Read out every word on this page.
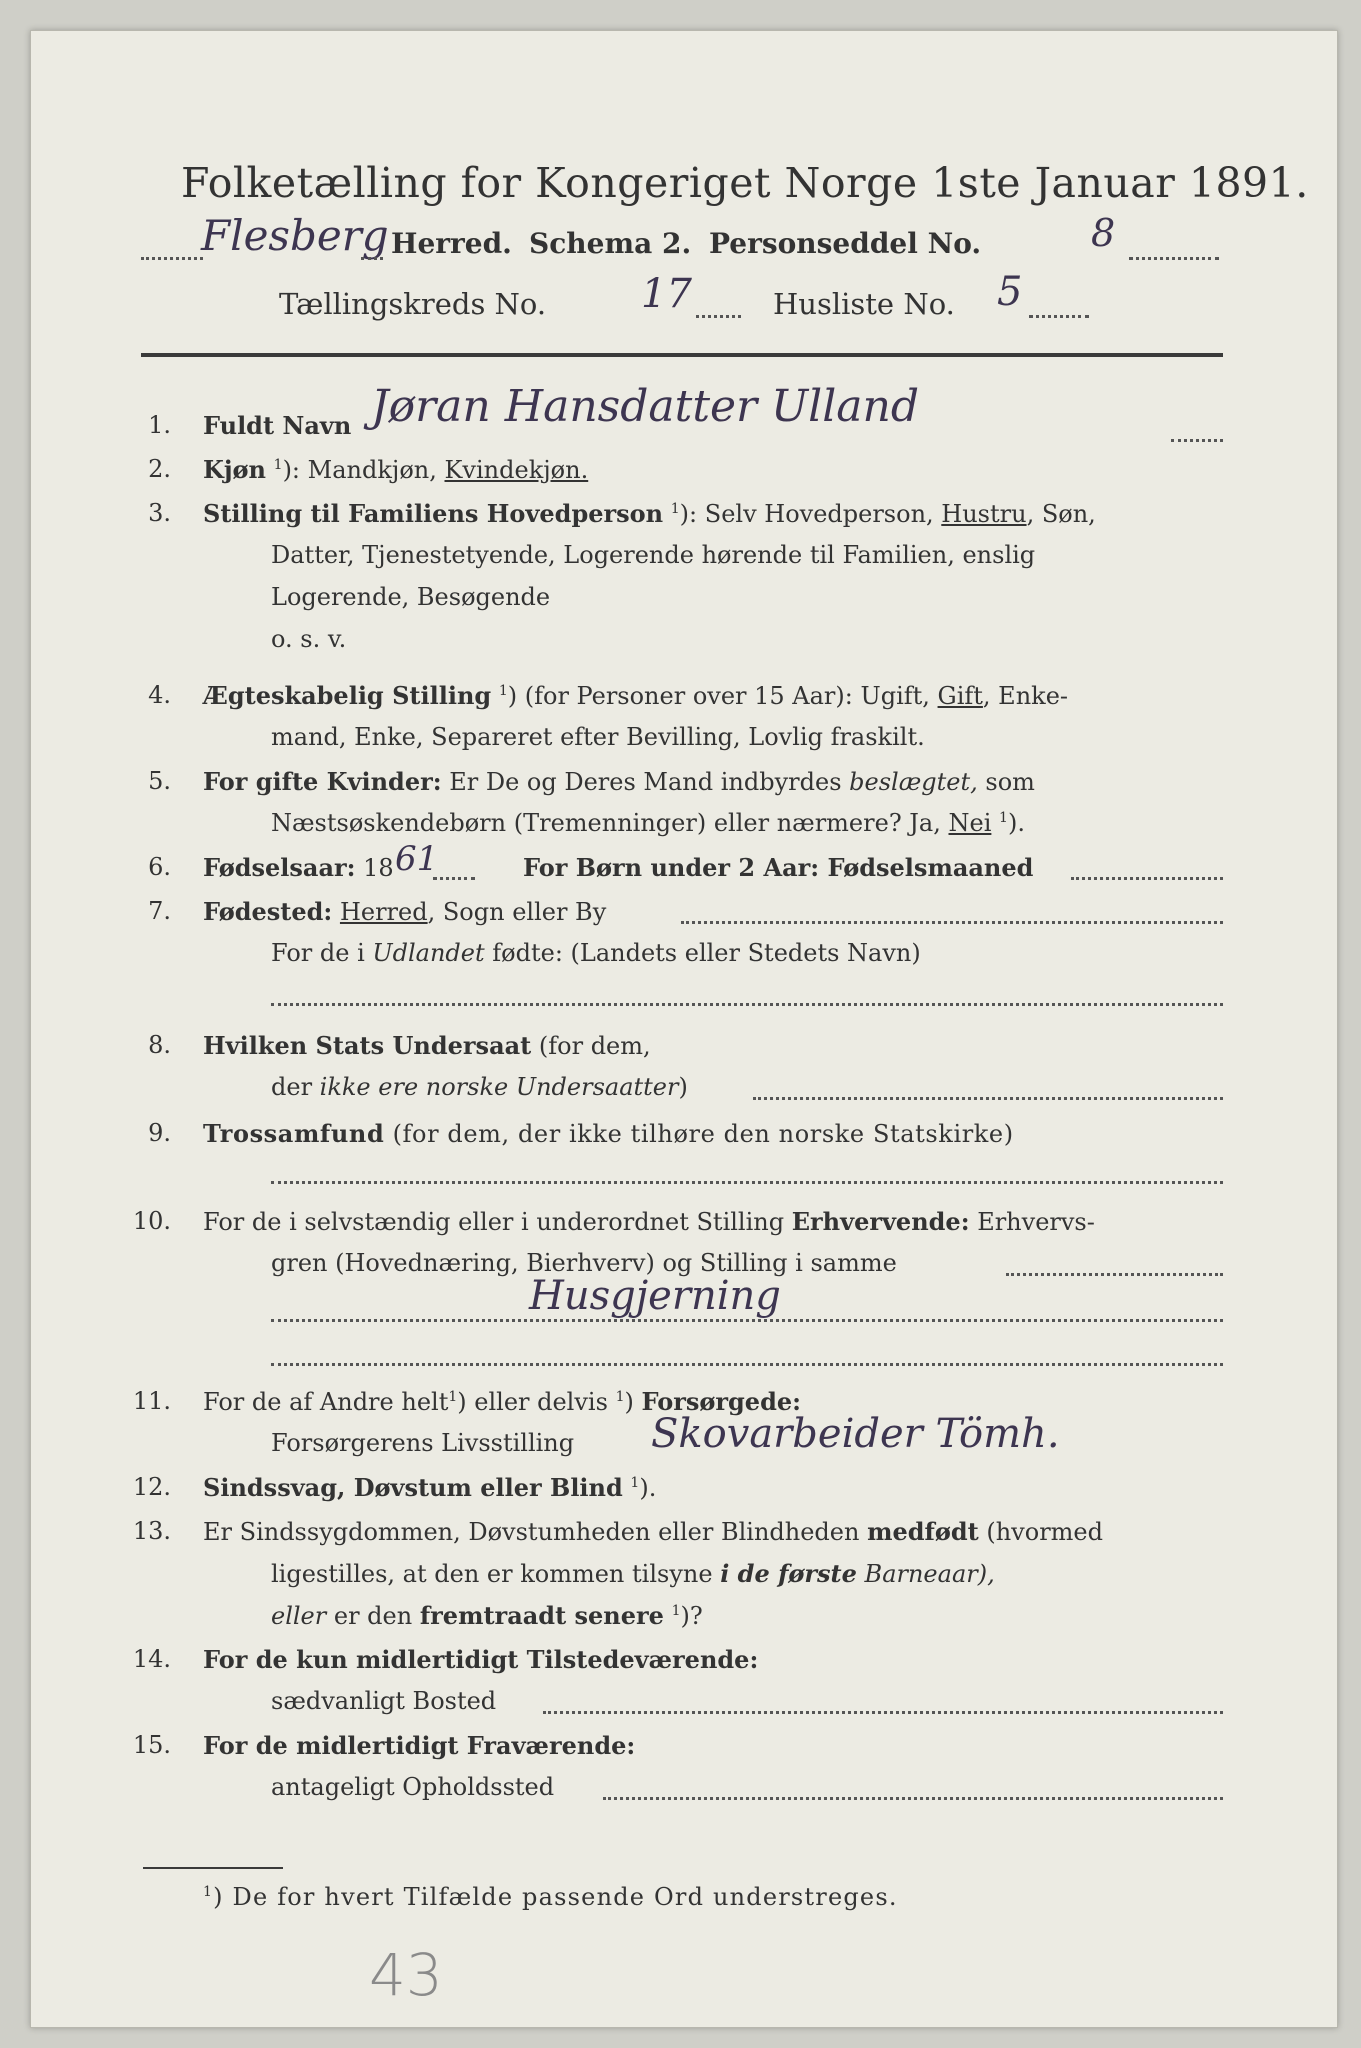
Folketælling for Kongeriget Norge 1ste Januar 1891.
Flesberg Herred. Schema 2. Personseddel No.	8
Tællingskreds No. 17	Husliste No. 5
1. Fuldt Navn Jøran Hansdatter Ulland
2. Kjøn $^1$): Mandkjøn, Kvindekjøn.
3. Stilling til Familiens Hovedperson $^1$): Selv Hovedperson, Hustru, Søn,
Datter, Tjenestetyende, Logerende hørende til Familien, enslig
Logerende, Besøgende
o. s. v.
4. Ægteskabelig Stilling $^1$) (for Personer over 15 Aar): Ugift, Gift, Enke-
mand, Enke, Separeret efter Bevilling, Lovlig fraskilt.
5. For gifte Kvinder: Er De og Deres Mand indbyrdes beslægtet, som
Næstsøskendebørn (Tremenninger) eller nærmere? Ja, Nei $^1$).
6. Fødselsaar: 18 61	For Børn under 2 Aar: Fødselsmaaned
7. Fødested: Herred, Sogn eller By
For de i Udlandet fødte: (Landets eller Stedets Navn)
8. Hvilken Stats Undersaat (for dem,
der ikke ere norske Undersaatter)
9. Trossamfund (for dem, der ikke tilhøre den norske Statskirke)
10. For de i selvstændig eller i underordnet Stilling Erhvervende: Erhvervs-
gren (Hovednæring, Bierhverv) og Stilling i samme
Husgjerning
11. For de af Andre helt$^1$) eller delvis $^1$) Forsørgede:
Forsørgerens Livsstilling Skovarbeider Tömh.
12. Sindssvag, Døvstum eller Blind $^1$).
13. Er Sindssygdommen, Døvstumheden eller Blindheden medfødt (hvormed
ligestilles, at den er kommen tilsyne i de første Barneaar),
eller er den fremtraadt senere $^1$)?
14. For de kun midlertidigt Tilstedeværende:
sædvanligt Bosted
15. For de midlertidigt Fraværende:
antageligt Opholdssted
$^1$) De for hvert Tilfælde passende Ord understreges.
43
